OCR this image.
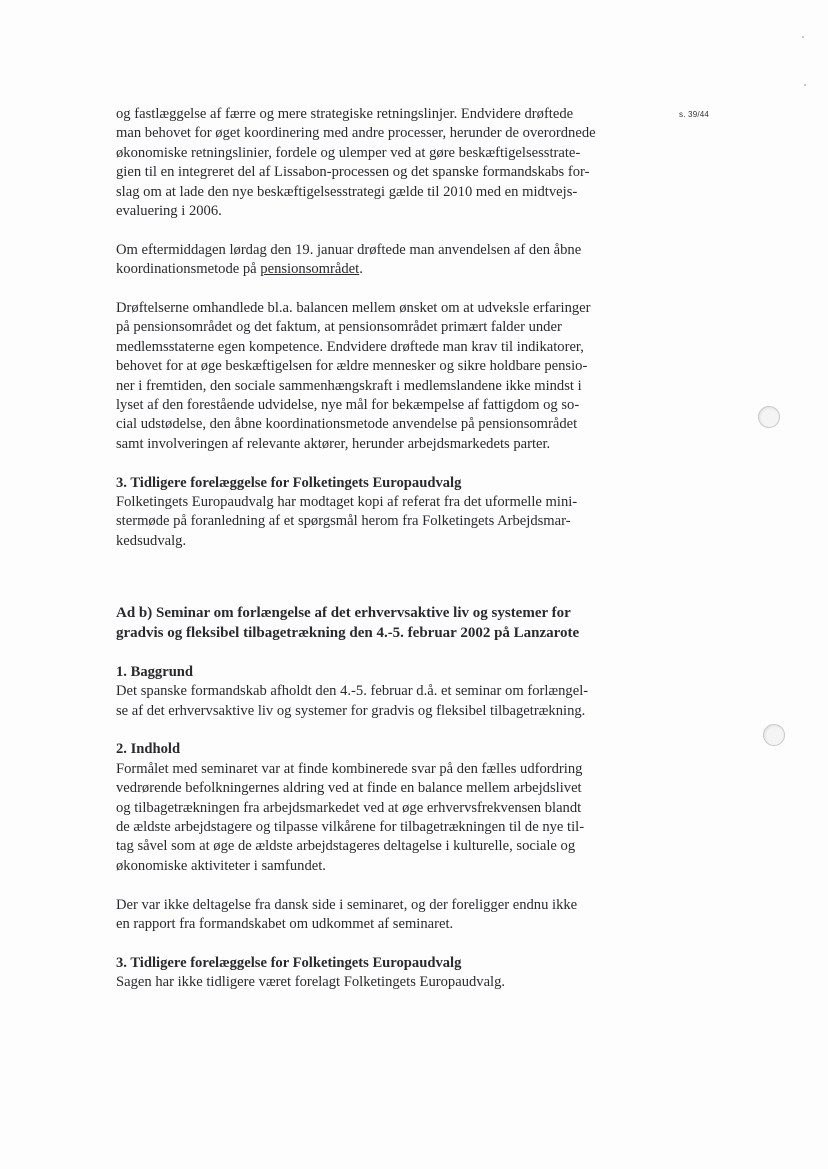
s. 39/44
og fastlæggelse af færre og mere strategiske retningslinjer. Endvidere drøftede
man behovet for øget koordinering med andre processer, herunder de overordnede
økonomiske retningslinier, fordele og ulemper ved at gøre beskæftigelsesstrate-
gien til en integreret del af Lissabon-processen og det spanske formandskabs for-
slag om at lade den nye beskæftigelsesstrategi gælde til 2010 med en midtvejs-
evaluering i 2006.
Om eftermiddagen lørdag den 19. januar drøftede man anvendelsen af den åbne
koordinationsmetode på pensionsområdet.
Drøftelserne omhandlede bl.a. balancen mellem ønsket om at udveksle erfaringer
på pensionsområdet og det faktum, at pensionsområdet primært falder under
medlemsstaterne egen kompetence. Endvidere drøftede man krav til indikatorer,
behovet for at øge beskæftigelsen for ældre mennesker og sikre holdbare pensio-
ner i fremtiden, den sociale sammenhængskraft i medlemslandene ikke mindst i
lyset af den forestående udvidelse, nye mål for bekæmpelse af fattigdom og so-
cial udstødelse, den åbne koordinationsmetode anvendelse på pensionsområdet
samt involveringen af relevante aktører, herunder arbejdsmarkedets parter.
3. Tidligere forelæggelse for Folketingets Europaudvalg
Folketingets Europaudvalg har modtaget kopi af referat fra det uformelle mini-
stermøde på foranledning af et spørgsmål herom fra Folketingets Arbejdsmar-
kedsudvalg.
Ad b) Seminar om forlængelse af det erhvervsaktive liv og systemer for
gradvis og fleksibel tilbagetrækning den 4.-5. februar 2002 på Lanzarote
1. Baggrund
Det spanske formandskab afholdt den 4.-5. februar d.å. et seminar om forlængel-
se af det erhvervsaktive liv og systemer for gradvis og fleksibel tilbagetrækning.
2. Indhold
Formålet med seminaret var at finde kombinerede svar på den fælles udfordring
vedrørende befolkningernes aldring ved at finde en balance mellem arbejdslivet
og tilbagetrækningen fra arbejdsmarkedet ved at øge erhvervsfrekvensen blandt
de ældste arbejdstagere og tilpasse vilkårene for tilbagetrækningen til de nye til-
tag såvel som at øge de ældste arbejdstageres deltagelse i kulturelle, sociale og
økonomiske aktiviteter i samfundet.
Der var ikke deltagelse fra dansk side i seminaret, og der foreligger endnu ikke
en rapport fra formandskabet om udkommet af seminaret.
3. Tidligere forelæggelse for Folketingets Europaudvalg
Sagen har ikke tidligere været forelagt Folketingets Europaudvalg.
